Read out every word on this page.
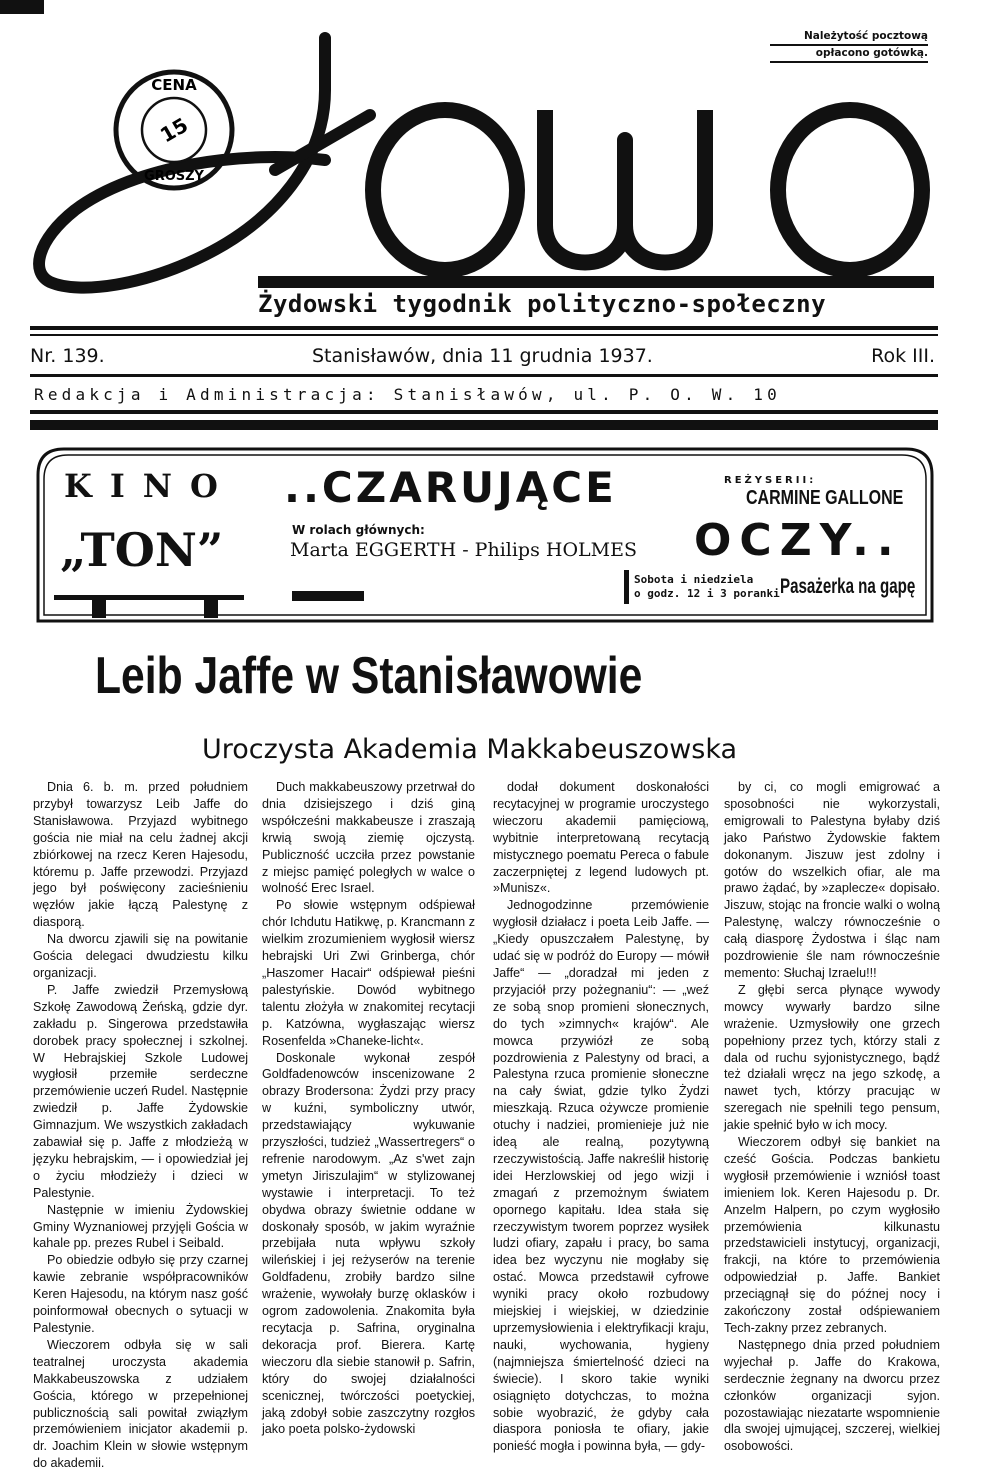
Należytość pocztową
opłacono gotówką.
CENA
15
GROSZY
Żydowski tygodnik polityczno-społeczny
Nr. 139.	Stanisławów, dnia 11 grudnia 1937.	Rok III.
Redakcja i Administracja: Stanisławów, ul. P. O. W. 10
KINO
„TON”
..CZARUJĄCE
W rolach głównych:
Marta EGGERTH - Philips HOLMES
REŻYSERII:
CARMINE GALLONE
OCZY..
Sobota i niedziela
o godz. 12 i 3 poranki Pasażerka na gapę
Leib Jaffe w Stanisławowie
Uroczysta Akademia Makkabeuszowska

Dnia 6. b. m. przed południem przybył towarzysz Leib Jaffe do Stanisławowa. Przyjazd wybitnego gościa nie miał na celu żadnej akcji zbiórkowej na rzecz Keren Hajesodu, któremu p. Jaffe przewodzi. Przyjazd jego był poświęcony zacieśnieniu węzłów jakie łączą Palestynę z diasporą.

Na dworcu zjawili się na powitanie Gościa delegaci dwudziestu kilku organizacji.

P. Jaffe zwiedził Przemysłową Szkołę Zawodową Żeńską, gdzie dyr. zakładu p. Singerowa przedstawiła dorobek pracy społecznej i szkolnej. W Hebrajskiej Szkole Ludowej wygłosił przemiłe serdeczne przemówienie uczeń Rudel. Następnie zwiedził p. Jaffe Żydowskie Gimnazjum. We wszystkich zakładach zabawiał się p. Jaffe z młodzieżą w języku hebrajskim, — i opowiedział jej o życiu młodzieży i dzieci w Palestynie.

Następnie w imieniu Żydowskiej Gminy Wyznaniowej przyjęli Gościa w kahale pp. prezes Rubel i Seibald.

Po obiedzie odbyło się przy czarnej kawie zebranie współpracowników Keren Hajesodu, na którym nasz gość poinformował obecnych o sytuacji w Palestynie.

Wieczorem odbyła się w sali teatralnej uroczysta akademia Makkabeuszowska z udziałem Gościa, którego w przepełnionej publicznością sali powitał związłym przemówieniem inicjator akademii p. dr. Joachim Klein w słowie wstępnym do akademii.

Duch makkabeuszowy przetrwał do dnia dzisiejszego i dziś giną współcześni makkabeusze i zraszają krwią swoją ziemię ojczystą. Publiczność uczciła przez powstanie z miejsc pamięć poległych w walce o wolność Erec Israel.

Po słowie wstępnym odśpiewał chór Ichdutu Hatikwę, p. Krancmann z wielkim zrozumieniem wygłosił wiersz hebrajski Uri Zwi Grinberga, chór „Haszomer Hacair“ odśpiewał pieśni palestyńskie. Dowód wybitnego talentu złożyła w znakomitej recytacji p. Katzówna, wygłaszając wiersz Rosenfelda »Chaneke-licht«.

Doskonale wykonał zespół Goldfadenowców inscenizowane 2 obrazy Brodersona: Żydzi przy pracy w kuźni, symboliczny utwór, przedstawiający wykuwanie przyszłości, tudzież „Wassertregers“ o refrenie narodowym. „Az s'wet zajn ymetyn Jiriszulajim“ w stylizowanej wystawie i interpretacji. To też obydwa obrazy świetnie oddane w doskonały sposób, w jakim wyraźnie przebijała nuta wpływu szkoły wileńskiej i jej reżyserów na terenie Goldfadenu, zrobiły bardzo silne wrażenie, wywołały burzę oklasków i ogrom zadowolenia. Znakomita była recytacja p. Safrina, oryginalna dekoracja prof. Bierera. Kartę wieczoru dla siebie stanowił p. Safrin, który do swojej działalności scenicznej, twórczości poetyckiej, jaką zdobył sobie zaszczytny rozgłos jako poeta polsko-żydowski

dodał dokument doskonałości recytacyjnej w programie uroczystego wieczoru akademii pamięciową, wybitnie interpretowaną recytacją mistycznego poematu Pereca o fabule zaczerpniętej z legend ludowych pt. »Munisz«.

Jednogodzinne przemówienie wygłosił działacz i poeta Leib Jaffe. — „Kiedy opuszczałem Palestynę, by udać się w podróż do Europy — mówił Jaffe“ — „doradzał mi jeden z przyjaciół przy pożegnaniu“: — „weź ze sobą snop promieni słonecznych, do tych »zimnych« krajów“. Ale mowca przywiózł ze sobą pozdrowienia z Palestyny od braci, a Palestyna rzuca promienie słoneczne na cały świat, gdzie tylko Żydzi mieszkają. Rzuca ożywcze promienie otuchy i nadziei, promienieje już nie ideą ale realną, pozytywną rzeczywistością. Jaffe nakreślił historię idei Herzlowskiej od jego wizji i zmagań z przemożnym światem opornego kapitału. Idea stała się rzeczywistym tworem poprzez wysiłek ludzi ofiary, zapału i pracy, bo sama idea bez wyczynu nie mogłaby się ostać. Mowca przedstawił cyfrowe wyniki pracy około rozbudowy miejskiej i wiejskiej, w dziedzinie uprzemysłowienia i elektryfikacji kraju, nauki, wychowania, hygieny (najmniejsza śmiertelność dzieci na świecie). I skoro takie wyniki osiągnięto dotychczas, to można sobie wyobrazić, że gdyby cała diaspora poniosła te ofiary, jakie ponieść mogła i powinna była, — gdy-

by ci, co mogli emigrować a sposobności nie wykorzystali, emigrowali to Palestyna byłaby dziś jako Państwo Żydowskie faktem dokonanym. Jiszuw jest zdolny i gotów do wszelkich ofiar, ale ma prawo żądać, by »zaplecze« dopisało. Jiszuw, stojąc na froncie walki o wolną Palestynę, walczy równocześnie o całą diasporę Żydostwa i śląc nam pozdrowienie śle nam równocześnie memento: Słuchaj Izraelu!!!

Z głębi serca płynące wywody mowcy wywarły bardzo silne wrażenie. Uzmysłowiły one grzech popełniony przez tych, którzy stali z dala od ruchu syjonistycznego, bądź też działali wręcz na jego szkodę, a nawet tych, którzy pracując w szeregach nie spełnili tego pensum, jakie spełnić było w ich mocy.

Wieczorem odbył się bankiet na cześć Gościa. Podczas bankietu wygłosił przemówienie i wzniósł toast imieniem lok. Keren Hajesodu p. Dr. Anzelm Halpern, po czym wygłosiło przemówienia kilkunastu przedstawicieli instytucyj, organizacji, frakcji, na które to przemówienia odpowiedział p. Jaffe. Bankiet przeciągnął się do późnej nocy i zakończony został odśpiewaniem Tech-zakny przez zebranych.

Następnego dnia przed południem wyjechał p. Jaffe do Krakowa, serdecznie żegnany na dworcu przez członków organizacji syjon. pozostawiając niezatarte wspomnienie dla swojej ujmującej, szczerej, wielkiej osobowości.
